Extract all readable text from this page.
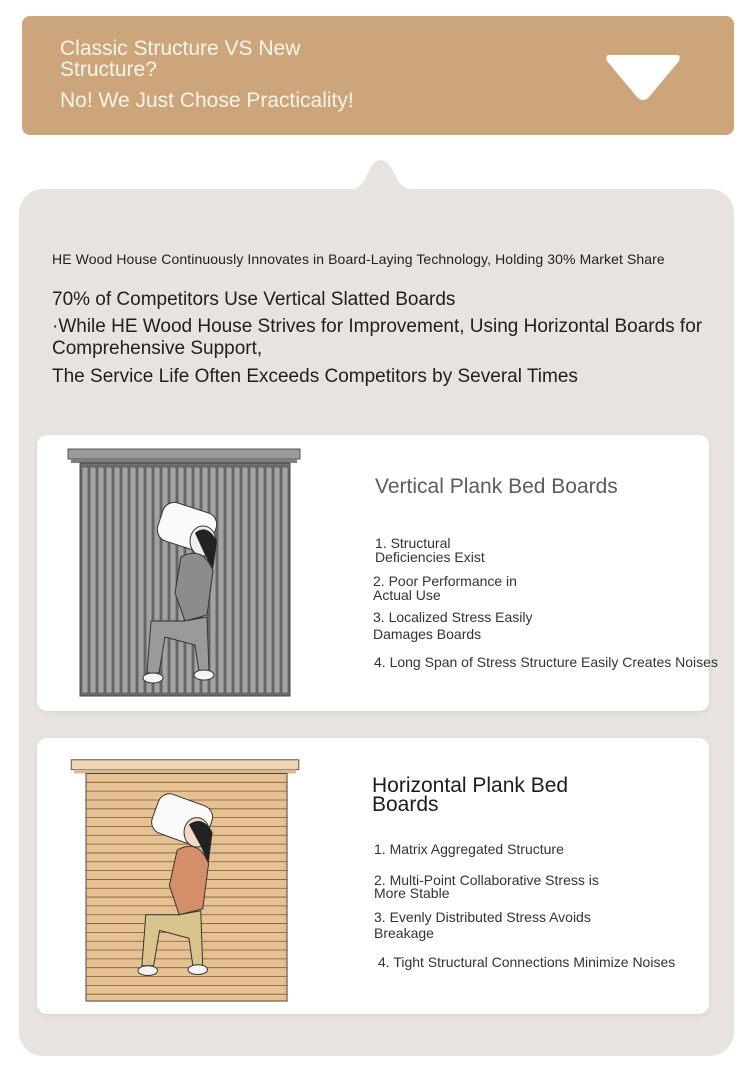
Classic Structure VS New Structure?
No! We Just Chose Practicality!
HE Wood House Continuously Innovates in Board-Laying Technology, Holding 30% Market Share
70% of Competitors Use Vertical Slatted Boards
·While HE Wood House Strives for Improvement, Using Horizontal Boards for Comprehensive Support,
The Service Life Often Exceeds Competitors by Several Times
Vertical Plank Bed Boards
1. Structural Deficiencies Exist
2. Poor Performance in Actual Use
3. Localized Stress Easily Damages Boards
4. Long Span of Stress Structure Easily Creates Noises
Horizontal Plank Bed Boards
1. Matrix Aggregated Structure
2. Multi-Point Collaborative Stress is More Stable
3. Evenly Distributed Stress Avoids Breakage
4. Tight Structural Connections Minimize Noises
